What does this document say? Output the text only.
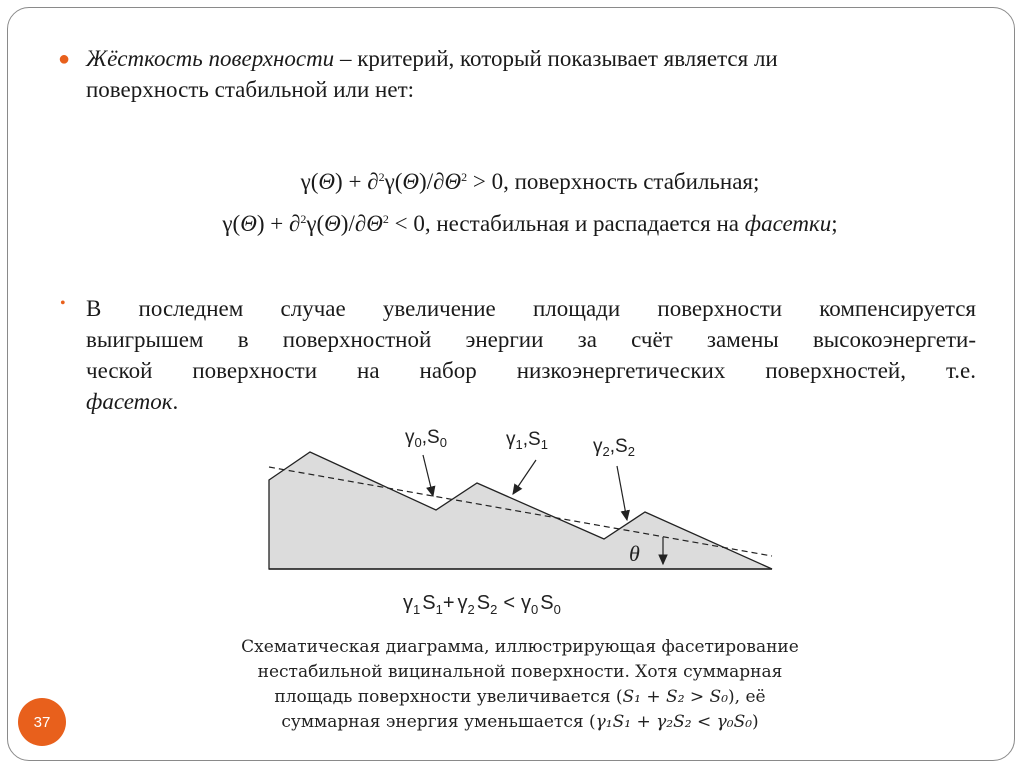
● Жёсткость поверхности – критерий, который показывает является ли
поверхность стабильной или нет:

$\gamma(\Theta) + \partial^2\gamma(\Theta)/\partial\Theta^2 > 0$, поверхность стабильная;
$\gamma(\Theta) + \partial^2\gamma(\Theta)/\partial\Theta^2 < 0$, нестабильная и распадается на фасетки;
• В последнем случае увеличение площади поверхности компенсируется
выигрышем в поверхностной энергии за счёт замены высокоэнергети-
ческой поверхности на набор низкоэнергетических поверхностей, т.е.
фасеток.
$\gamma_0,S_0$	$\gamma_1,S_1$ $\gamma_2,S_2$
θ
$\gamma_1$ $S_1+ \gamma_2$ $S_2 < \gamma_0$ $S_0$
Схематическая диаграмма, иллюстрирующая фасетирование
нестабильной вицинальной поверхности. Хотя суммарная
площадь поверхности увеличивается (S₁ + S₂ > S₀), её
суммарная энергия уменьшается (γ₁S₁ + γ₂S₂ < γ₀S₀)
37
